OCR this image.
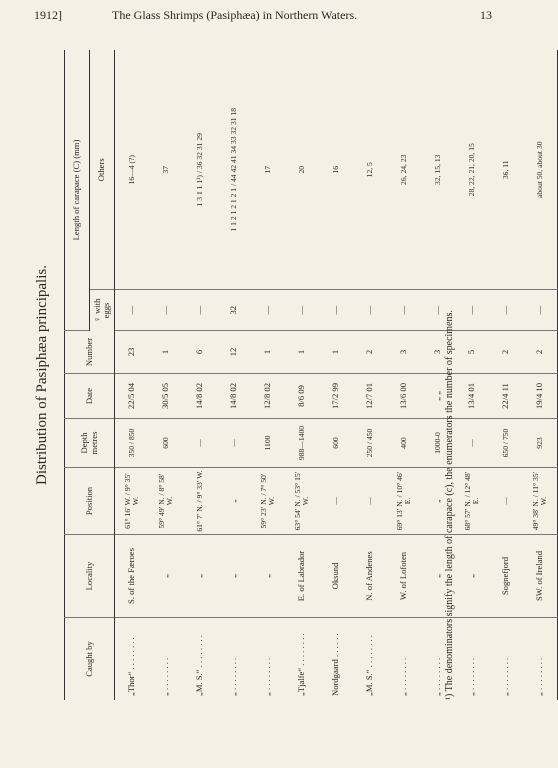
1912]	The Glass Shrimps (Pasiphæa) in Northern Waters.	13
Distribution of Pasiphæa principalis.
Caught by	Locality	Position	Depth metres	Date	Number	Length of carapace (C) (mm)	
						♀ with eggs	Others
„Thor“ . . . . . . . .	S. of the Færoes	61° 16′ W. / 9° 35′ W.	350 / 850	22/5 04	23	—	16—4 (?)
„ . . . . . . . .	„	59° 49′ N. / 8° 58′ W.	600	30/5 05	1	—	37
„M. S.“ . . . . . . . .	„	61° 7′ N. / 9° 33′ W.	—	14/8 02	6	—	1 3 1 1 1¹) / 36 32 31 29
„ . . . . . . . .	„	„	—	14/8 02	12	32	1 1 2 1 2 1 2 1 / 44 42 41 34 33 32 31 18
„ . . . . . . . .	„	59° 23′ N. / 7° 50′ W.	1100	12/8 02	1	—	17
„Tjalfe“ . . . . . . . .	E. of Labrador	63° 54′ N. / 53° 15′ W.	988—1400	8/6 09	1	—	20
Nordgaard . . . . . .	Oksund	—	600	17/2 99	1	—	16
„M. S.“ . . . . . . . .	N. of Andenes	—	250 / 450	12/7 01	2	—	12, 5
„ . . . . . . . .	W. of Lofoten	69° 13′ N. / 10° 46′ E.	400	13/6 00	3	—	26, 24, 23
„ . . . . . . . .	„	„	1000-0	„ „	3	—	32, 15, 13
„ . . . . . . . .	„	68° 57′ N. / 12° 48′ E.	—	13/4 01	5	—	28, 22, 21, 20, 15
„ . . . . . . . .	Sognefjord	—	650 / 750	22/4 11	2	—	36, 11
„ . . . . . . . .	SW. of Ireland	49° 38′ N. / 11° 35′ W.	923	19/4 10	2	—	about 50, about 30
¹) The denominators signify the length of carapace (c), the enumerators the number of specimens.
